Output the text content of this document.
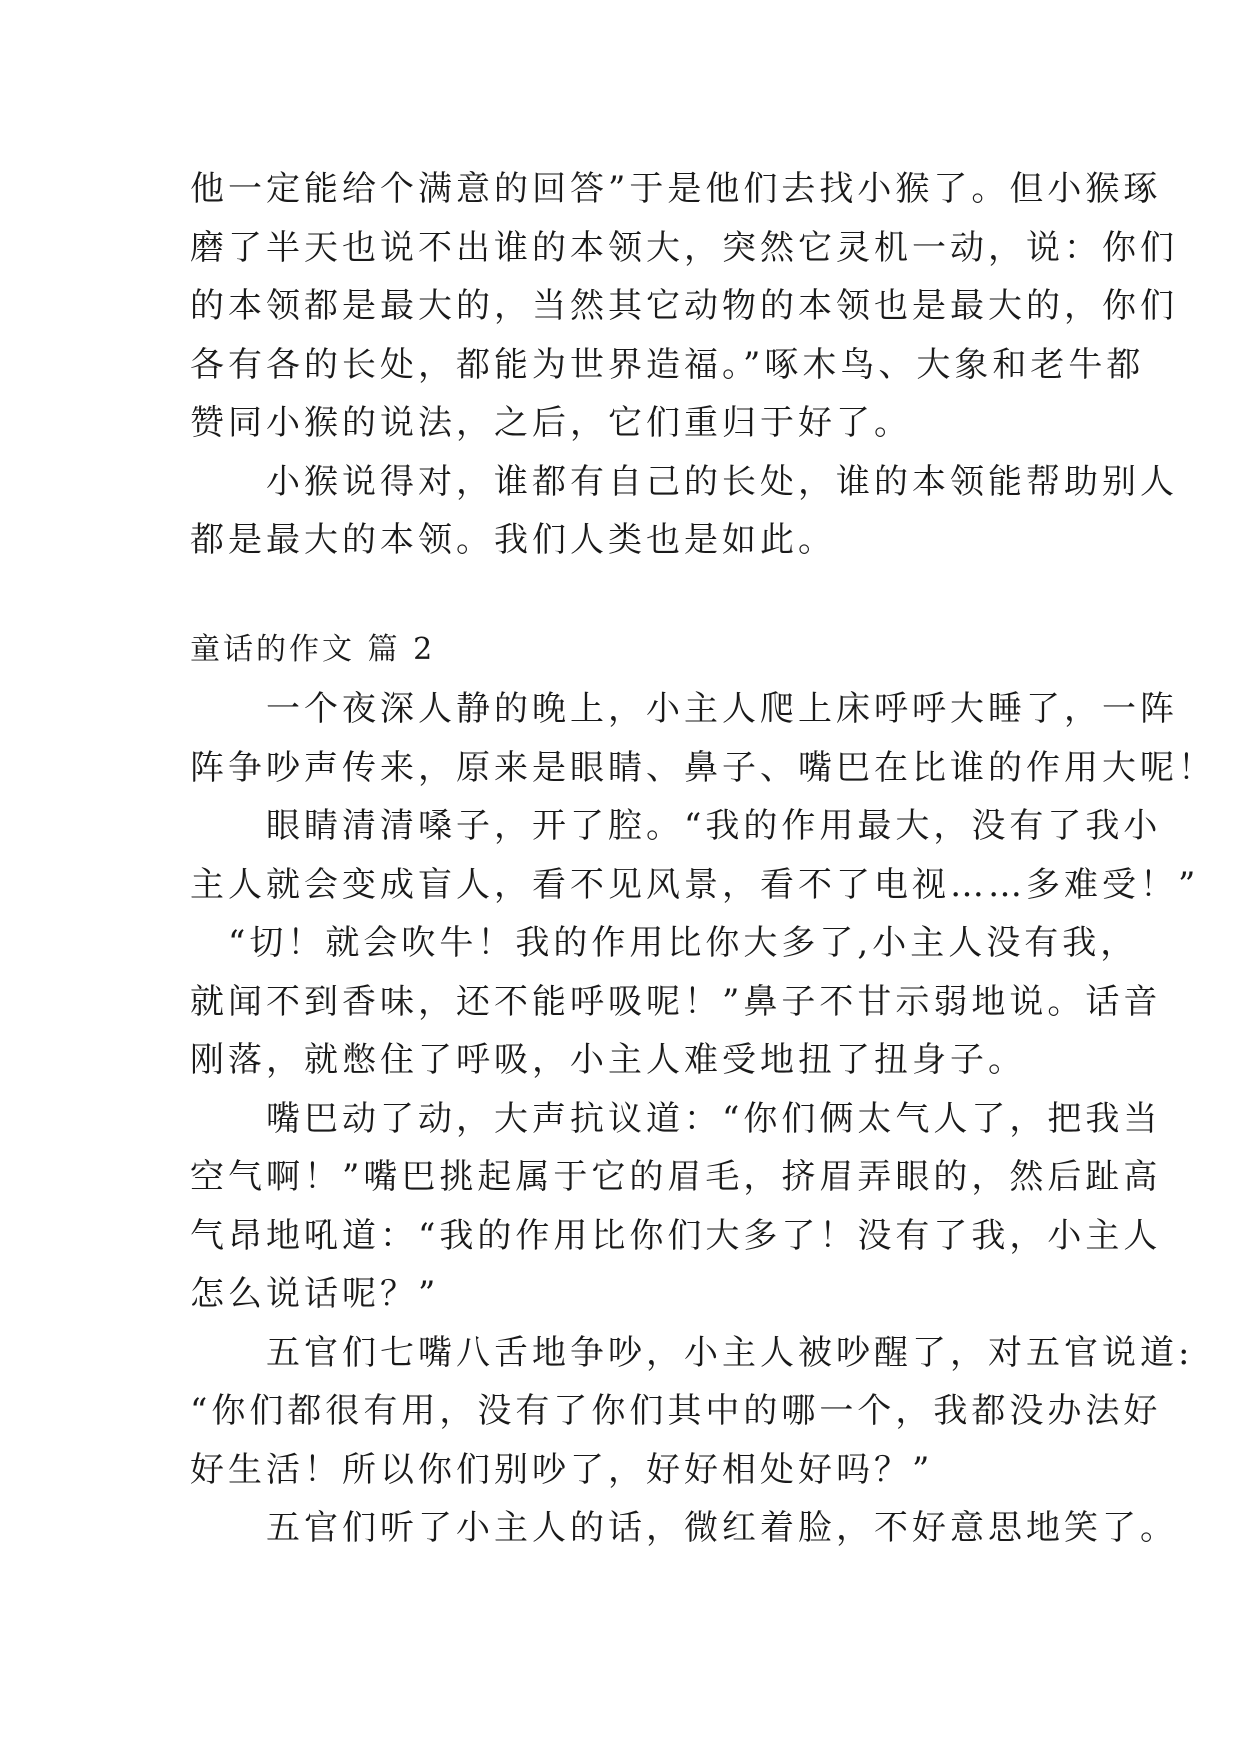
他一定能给个满意的回答”于是他们去找小猴了。但小猴琢
磨了半天也说不出谁的本领大，突然它灵机一动，说：你们
的本领都是最大的，当然其它动物的本领也是最大的，你们
各有各的长处，都能为世界造福。”啄木鸟、大象和老牛都
赞同小猴的说法，之后，它们重归于好了。
　　小猴说得对，谁都有自己的长处，谁的本领能帮助别人
都是最大的本领。我们人类也是如此。
童话的作文 篇 2
　　一个夜深人静的晚上，小主人爬上床呼呼大睡了，一阵
阵争吵声传来，原来是眼睛、鼻子、嘴巴在比谁的作用大呢！
　　眼睛清清嗓子，开了腔。“我的作用最大，没有了我小
主人就会变成盲人，看不见风景，看不了电视……多难受！”
　“切！就会吹牛！我的作用比你大多了,小主人没有我，
就闻不到香味，还不能呼吸呢！”鼻子不甘示弱地说。话音
刚落，就憋住了呼吸，小主人难受地扭了扭身子。
　　嘴巴动了动，大声抗议道：“你们俩太气人了，把我当
空气啊！”嘴巴挑起属于它的眉毛，挤眉弄眼的，然后趾高
气昂地吼道：“我的作用比你们大多了！没有了我，小主人
怎么说话呢？”
　　五官们七嘴八舌地争吵，小主人被吵醒了，对五官说道:
“你们都很有用，没有了你们其中的哪一个，我都没办法好
好生活！所以你们别吵了，好好相处好吗？”
　　五官们听了小主人的话，微红着脸，不好意思地笑了。
